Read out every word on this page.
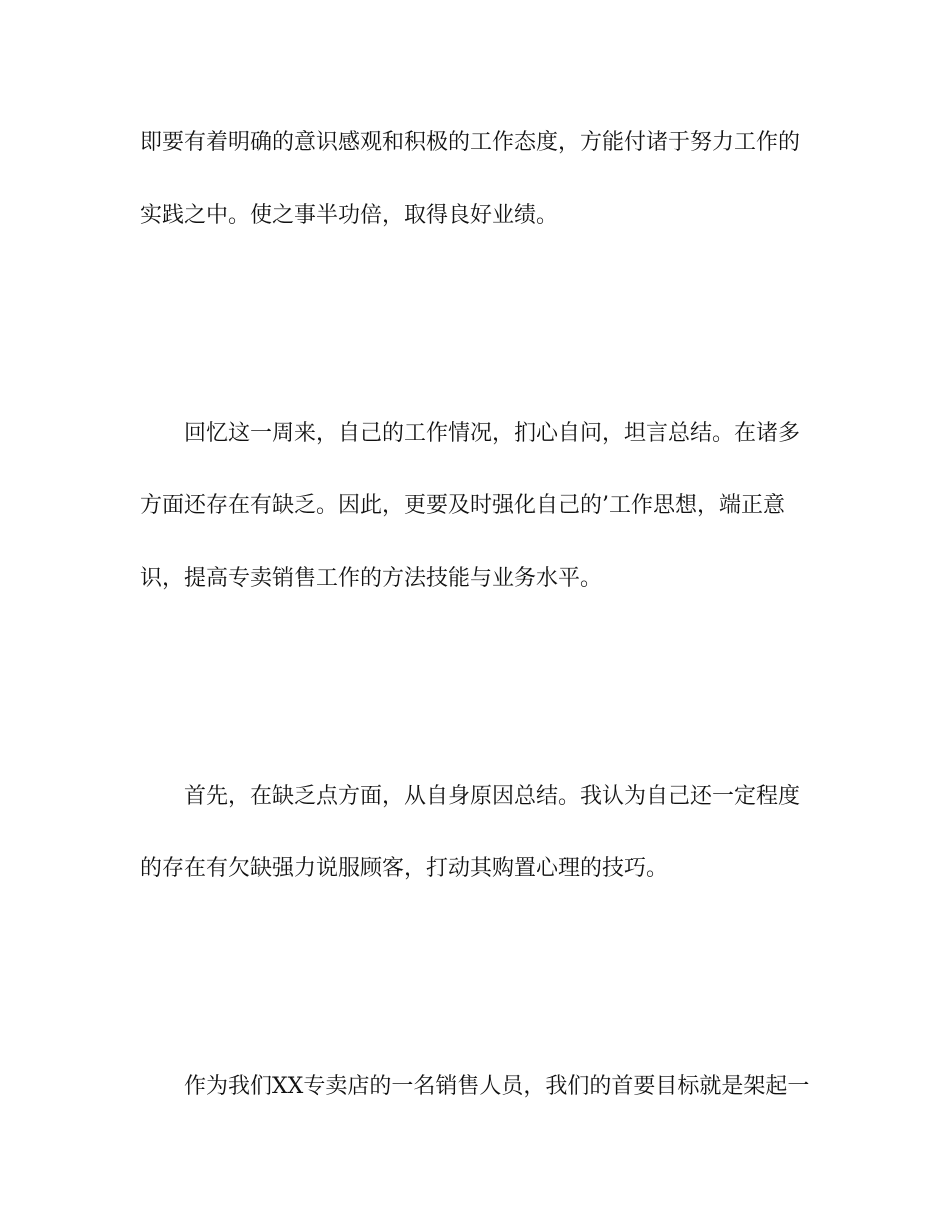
即要有着明确的意识感观和积极的工作态度，方能付诸于努力工作的
实践之中。使之事半功倍，取得良好业绩。
回忆这一周来，自己的工作情况，扪心自问，坦言总结。在诸多
方面还存在有缺乏。因此，更要及时强化自己的’工作思想，端正意
识，提高专卖销售工作的方法技能与业务水平。
首先，在缺乏点方面，从自身原因总结。我认为自己还一定程度
的存在有欠缺强力说服顾客，打动其购置心理的技巧。
作为我们XX专卖店的一名销售人员，我们的首要目标就是架起一
